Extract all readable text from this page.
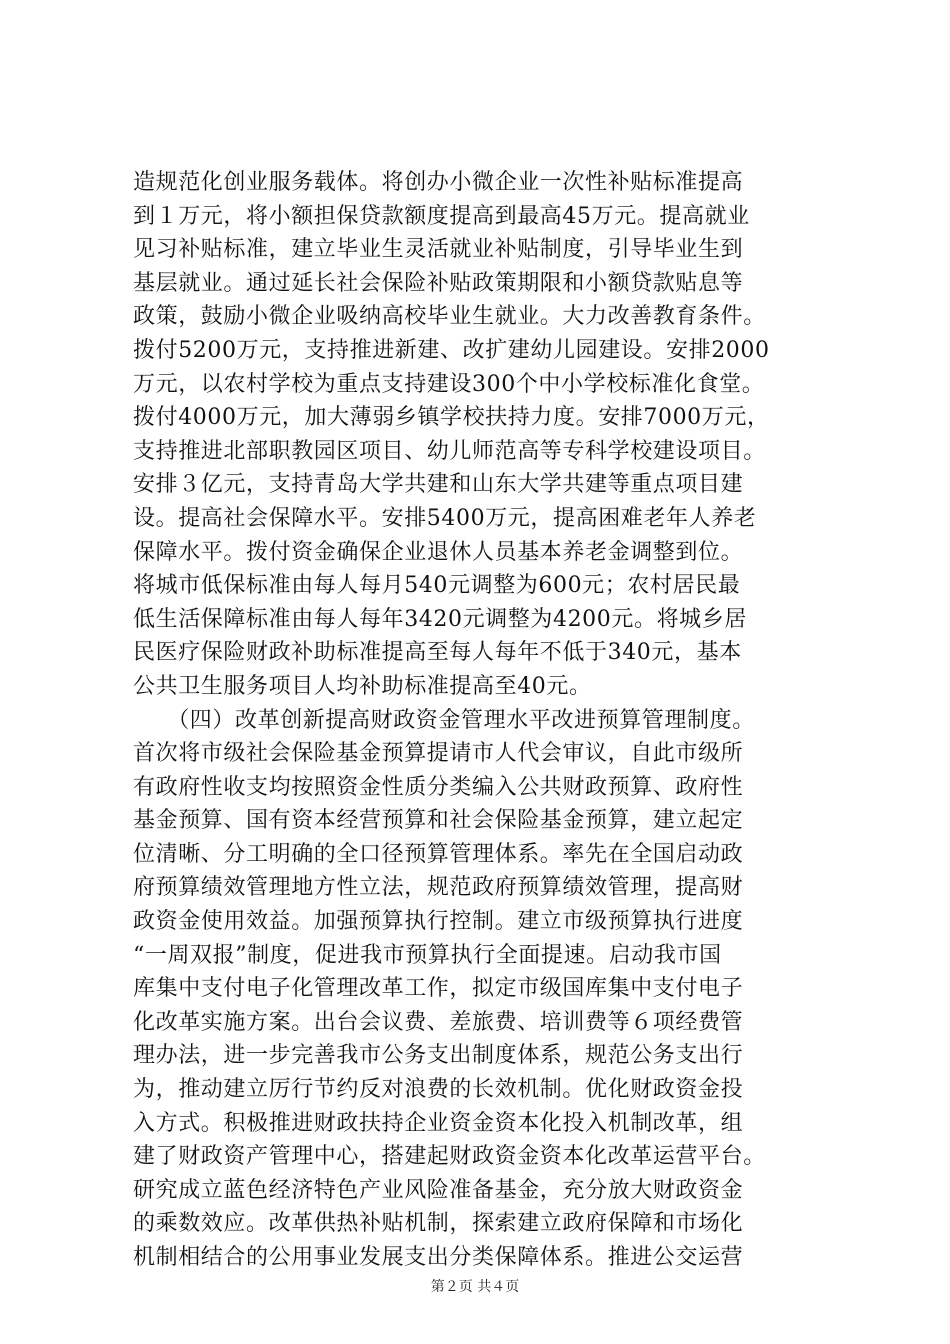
造规范化创业服务载体。将创办小微企业一次性补贴标准提高
到１万元，将小额担保贷款额度提高到最高45万元。提高就业
见习补贴标准，建立毕业生灵活就业补贴制度，引导毕业生到
基层就业。通过延长社会保险补贴政策期限和小额贷款贴息等
政策，鼓励小微企业吸纳高校毕业生就业。大力改善教育条件。
拨付5200万元，支持推进新建、改扩建幼儿园建设。安排2000
万元，以农村学校为重点支持建设300个中小学校标准化食堂。
拨付4000万元，加大薄弱乡镇学校扶持力度。安排7000万元，
支持推进北部职教园区项目、幼儿师范高等专科学校建设项目。
安排３亿元，支持青岛大学共建和山东大学共建等重点项目建
设。提高社会保障水平。安排5400万元，提高困难老年人养老
保障水平。拨付资金确保企业退休人员基本养老金调整到位。
将城市低保标准由每人每月540元调整为600元；农村居民最
低生活保障标准由每人每年3420元调整为4200元。将城乡居
民医疗保险财政补助标准提高至每人每年不低于340元，基本
公共卫生服务项目人均补助标准提高至40元。
　　（四）改革创新提高财政资金管理水平改进预算管理制度。
首次将市级社会保险基金预算提请市人代会审议，自此市级所
有政府性收支均按照资金性质分类编入公共财政预算、政府性
基金预算、国有资本经营预算和社会保险基金预算，建立起定
位清晰、分工明确的全口径预算管理体系。率先在全国启动政
府预算绩效管理地方性立法，规范政府预算绩效管理，提高财
政资金使用效益。加强预算执行控制。建立市级预算执行进度
“一周双报”制度，促进我市预算执行全面提速。启动我市国
库集中支付电子化管理改革工作，拟定市级国库集中支付电子
化改革实施方案。出台会议费、差旅费、培训费等６项经费管
理办法，进一步完善我市公务支出制度体系，规范公务支出行
为，推动建立厉行节约反对浪费的长效机制。优化财政资金投
入方式。积极推进财政扶持企业资金资本化投入机制改革，组
建了财政资产管理中心，搭建起财政资金资本化改革运营平台。
研究成立蓝色经济特色产业风险准备基金，充分放大财政资金
的乘数效应。改革供热补贴机制，探索建立政府保障和市场化
机制相结合的公用事业发展支出分类保障体系。推进公交运营
第２页 共４页
